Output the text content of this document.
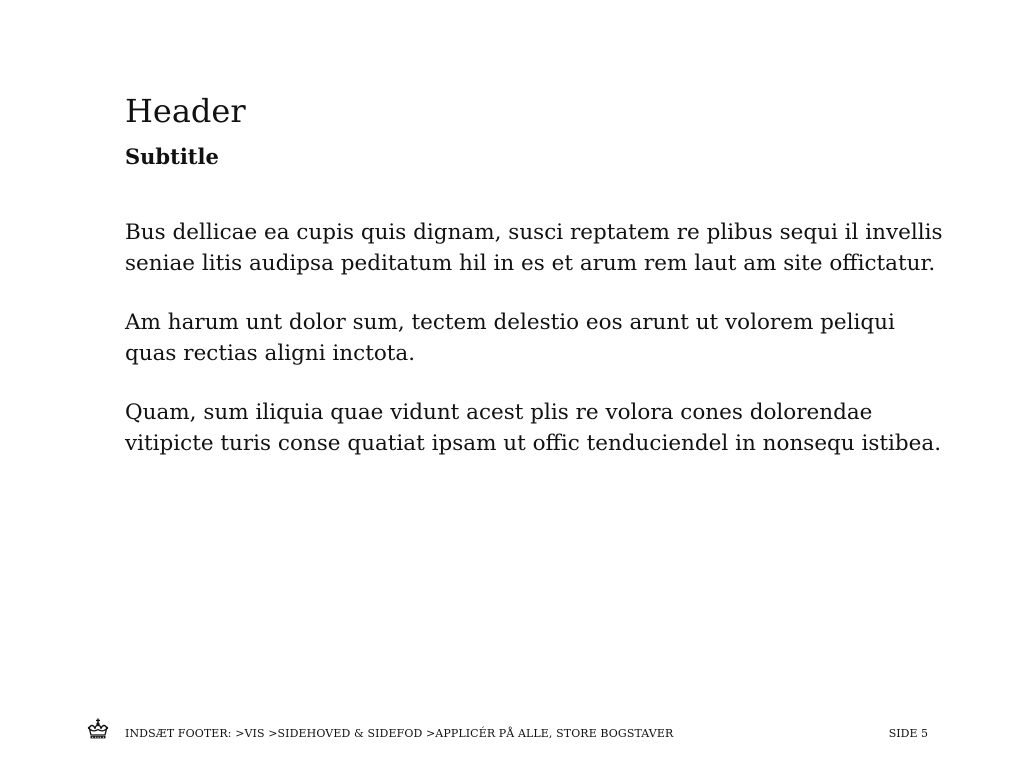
Header
Subtitle

Bus dellicae ea cupis quis dignam, susci reptatem re plibus sequi il invellis seniae litis audipsa peditatum hil in es et arum rem laut am site offictatur.

Am harum unt dolor sum, tectem delestio eos arunt ut volorem peliqui quas rectias aligni inctota.

Quam, sum iliquia quae vidunt acest plis re volora cones dolorendae vitipicte turis conse quatiat ipsam ut offic tenduciendel in nonsequ istibea.

INDSÆT FOOTER: >VIS >SIDEHOVED & SIDEFOD >APPLICÉR PÅ ALLE, STORE BOGSTAVER	SIDE 5
